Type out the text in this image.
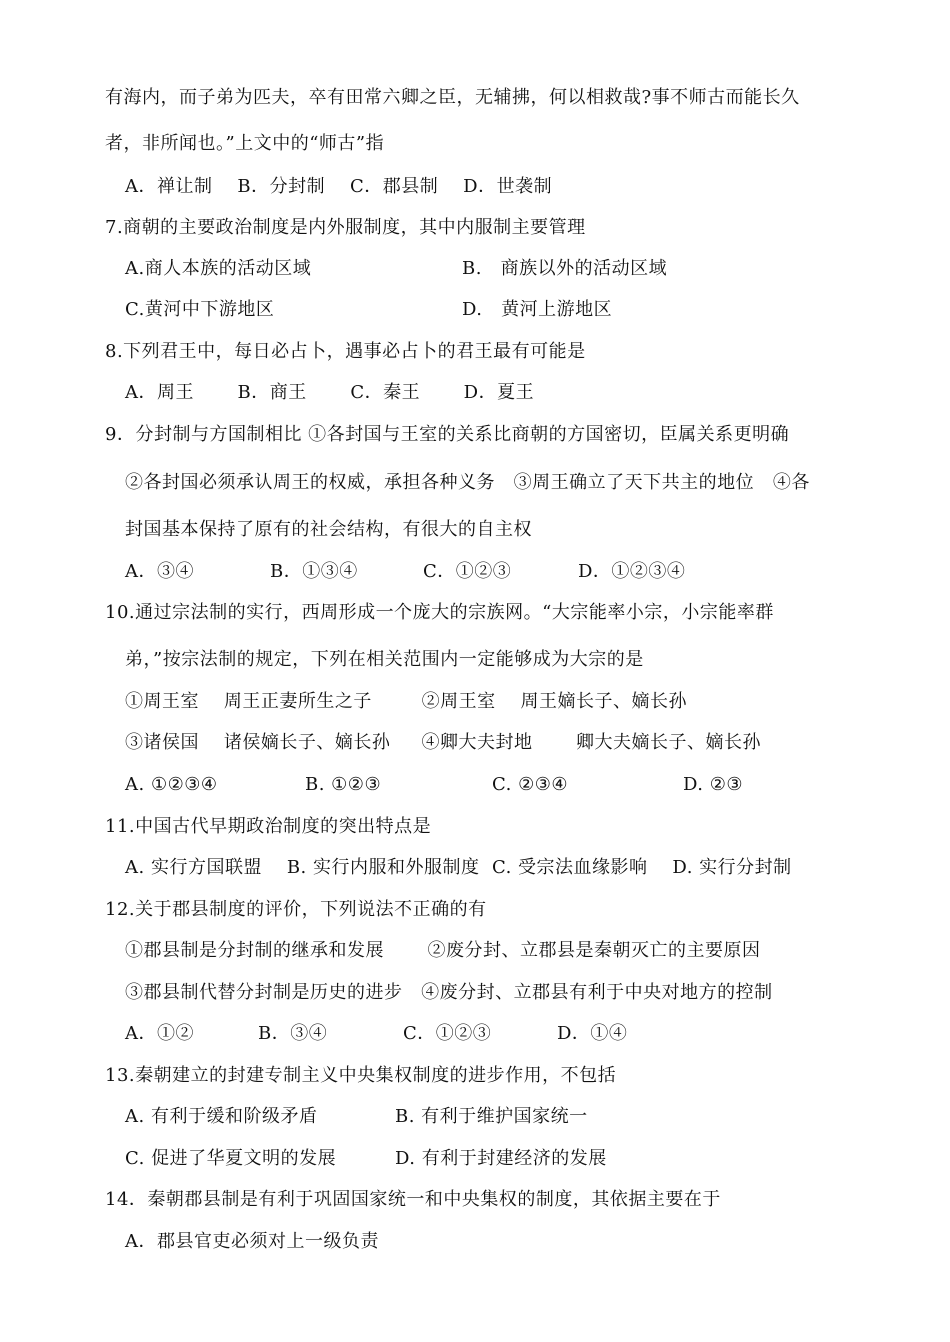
有海内，而子弟为匹夫，卒有田常六卿之臣，无辅拂，何以相救哉?事不师古而能长久
者，非所闻也。”上文中的“师古”指
A．禅让制    B．分封制    C．郡县制    D．世袭制
7.商朝的主要政治制度是内外服制度，其中内服制主要管理
A.商人本族的活动区域	B.   商族以外的活动区域
C.黄河中下游地区	D.   黄河上游地区
8.下列君王中，每日必占卜，遇事必占卜的君王最有可能是
A．周王       B．商王       C．秦王       D．夏王
9．分封制与方国制相比 ①各封国与王室的关系比商朝的方国密切，臣属关系更明确
②各封国必须承认周王的权威，承担各种义务   ③周王确立了天下共主的地位   ④各
封国基本保持了原有的社会结构，有很大的自主权
A．③④	B．①③④	C．①②③	D．①②③④
10.通过宗法制的实行，西周形成一个庞大的宗族网。“大宗能率小宗，小宗能率群
弟，”按宗法制的规定，下列在相关范围内一定能够成为大宗的是
①周王室    周王正妻所生之子        ②周王室    周王嫡长子、嫡长孙
③诸侯国    诸侯嫡长子、嫡长孙     ④卿大夫封地       卿大夫嫡长子、嫡长孙
A. ①②③④	B. ①②③	C. ②③④	D. ②③
11.中国古代早期政治制度的突出特点是
A. 实行方国联盟    B. 实行内服和外服制度  C. 受宗法血缘影响    D. 实行分封制
12.关于郡县制度的评价，下列说法不正确的有
①郡县制是分封制的继承和发展       ②废分封、立郡县是秦朝灭亡的主要原因
③郡县制代替分封制是历史的进步   ④废分封、立郡县有利于中央对地方的控制
A．①②	B．③④	C．①②③	D．①④
13.秦朝建立的封建专制主义中央集权制度的进步作用，不包括
A. 有利于缓和阶级矛盾	B. 有利于维护国家统一
C. 促进了华夏文明的发展	D. 有利于封建经济的发展
14．秦朝郡县制是有利于巩固国家统一和中央集权的制度，其依据主要在于
A．郡县官吏必须对上一级负责
